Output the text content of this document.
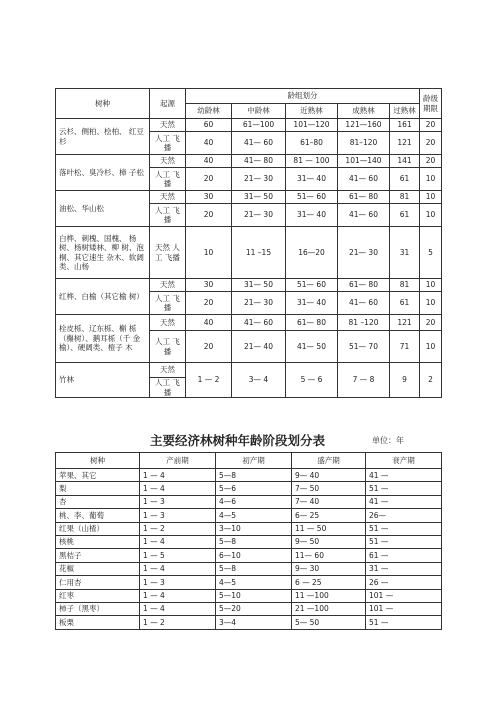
树种	起源	龄组划分					龄级期限
		幼龄林	中龄林	近熟林	成熟林	过熟林	
云杉、侧柏、桧柏、 红豆杉	天然	60	61—100	101—120	121—160	161	20
	人工 飞播	40	41— 60	61–80	81–120	121	20
落叶松、臭冷杉、樟 子松	天然	40	41— 80	81 — 100	101—140	141	20
	人工 飞播	20	21— 30	31— 40	41— 60	61	10
油松、华山松	天然	30	31— 50	51— 60	61— 80	81	10
	人工 飞播	20	21— 30	31— 40	41— 60	61	10
白桦、刺槐、国槐、 杨树、杨树矮林、柳 树、泡桐、其它速生 杂木、软阔类、山杨	天然 人工 飞播	10	11 –15	16—20	21— 30	31	5
红桦、白榆（其它榆 树）	天然	30	31— 50	51— 60	61— 80	81	10
	人工 飞播	20	21— 30	31— 40	41— 60	61	10
栓皮栎、辽东栎、槲 栎（槲树）、鹅耳栎（千 金榆）、硬阔类、榿子 木	天然	40	41— 60	61— 80	81 –120	121	20
	人工 飞播	20	21— 40	41— 50	51— 70	71	10
竹林	天然	1 — 2	3— 4	5 — 6	7 — 8	9	2
	人工 飞播						
主要经济林树种年龄阶段划分表	单位：年
树种	产前期	初产期	盛产期	衰产期
苹果、其它	1 — 4	5—8	9— 40	41 —
梨	1 — 4	5—6	7— 50	51 —
杏	1 — 3	4—6	7— 40	41 —
桃、李、葡萄	1 — 3	4—5	6— 25	26—
红果（山楂）	1 — 2	3—10	11 — 50	51 —
核桃	1 — 4	5—8	9— 50	51 —
黑桔子	1 — 5	6—10	11— 60	61 —
花椒	1 — 4	5—8	9— 30	31 —
仁用杏	1 — 3	4—5	6 — 25	26 —
红枣	1 — 4	5—10	11 —100	101 —
柿子（黑枣）	1 — 4	5—20	21 —100	101 —
板栗	1 — 2	3—4	5— 50	51 —
